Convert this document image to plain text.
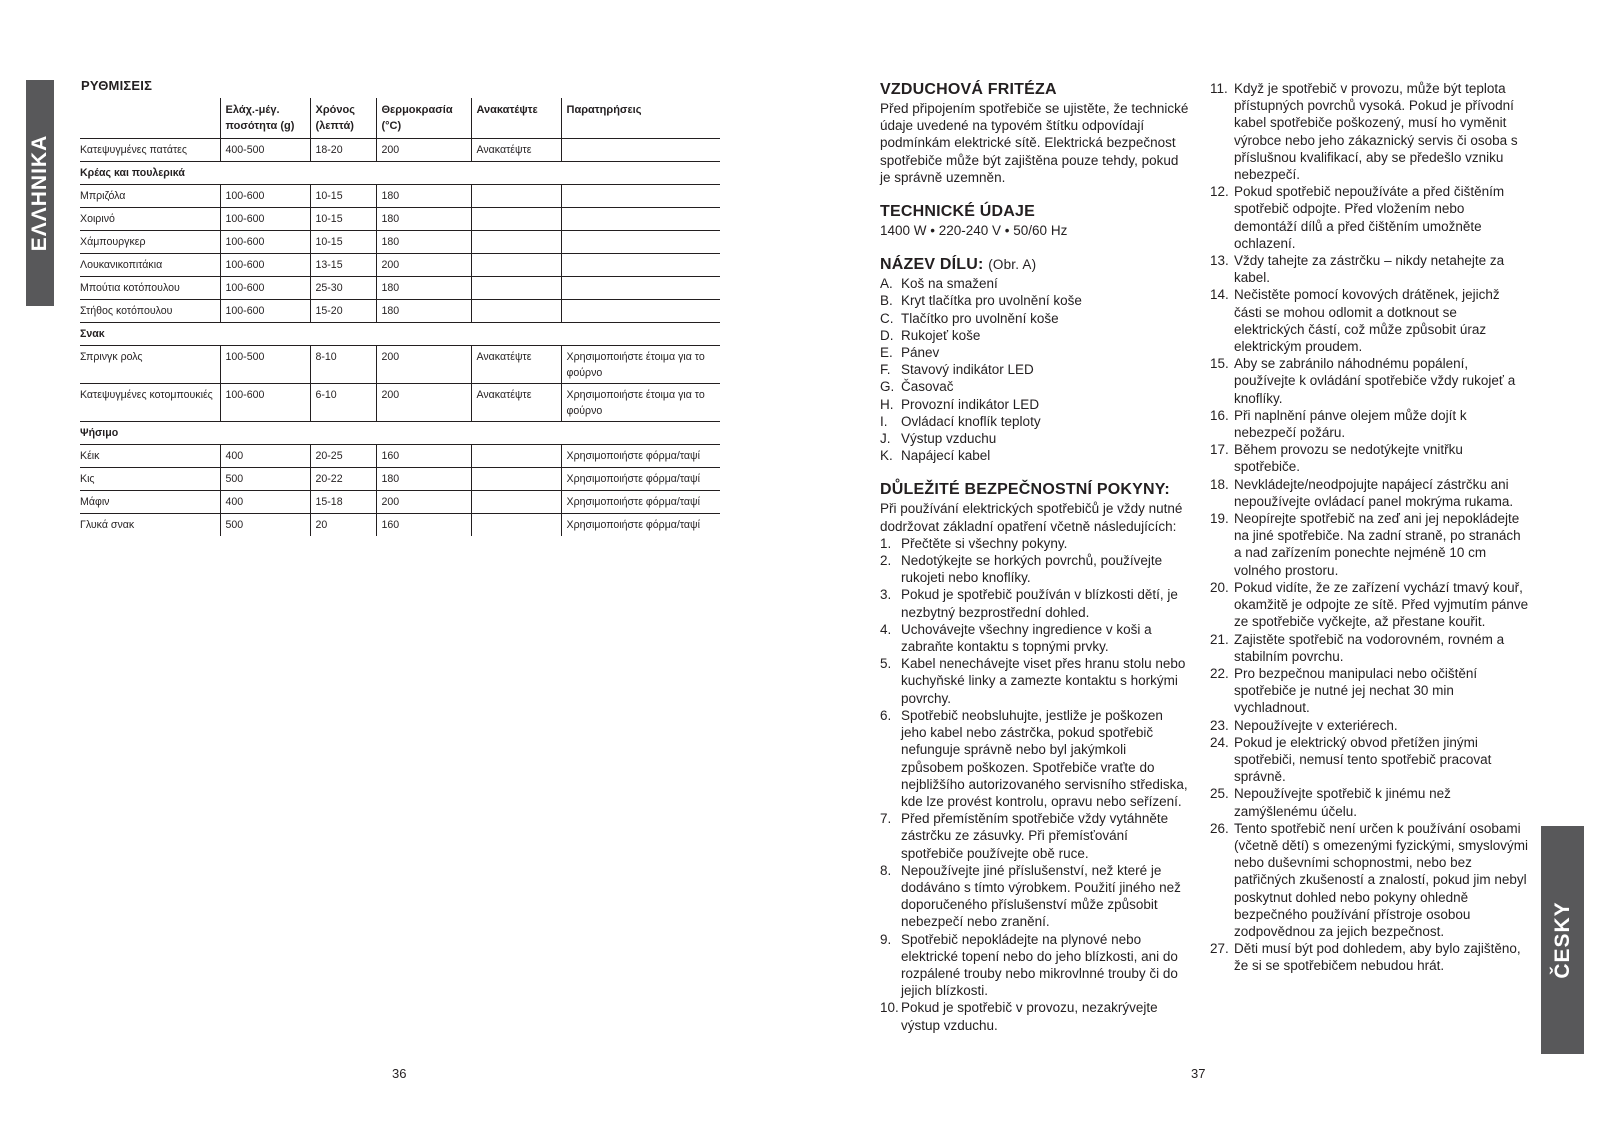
ΕΛΛΗΝΙΚΑ
ΡΥΘΜΙΣΕΙΣ
	Ελάχ.-μέγ. ποσότητα (g)	Χρόνος (λεπτά)	Θερμοκρασία (°C)	Ανακατέψτε	Παρατηρήσεις
Κατεψυγμένες πατάτες	400-500	18-20	200	Ανακατέψτε	
Κρέας και πουλερικά					
Μπριζόλα	100-600	10-15	180		
Χοιρινό	100-600	10-15	180		
Χάμπουργκερ	100-600	10-15	180		
Λουκανικοπιτάκια	100-600	13-15	200		
Μπούτια κοτόπουλου	100-600	25-30	180		
Στήθος κοτόπουλου	100-600	15-20	180		
Σνακ					
Σπρινγκ ρολς	100-500	8-10	200	Ανακατέψτε	Χρησιμοποιήστε έτοιμα για το φούρνο
Κατεψυγμένες κοτομπουκιές	100-600	6-10	200	Ανακατέψτε	Χρησιμοποιήστε έτοιμα για το φούρνο
Ψήσιμο					
Κέικ	400	20-25	160		Χρησιμοποιήστε φόρμα/ταψί
Κις	500	20-22	180		Χρησιμοποιήστε φόρμα/ταψί
Μάφιν	400	15-18	200		Χρησιμοποιήστε φόρμα/ταψί
Γλυκά σνακ	500	20	160		Χρησιμοποιήστε φόρμα/ταψί
VZDUCHOVÁ FRITÉZA

Před připojením spotřebiče se ujistěte, že technické údaje uvedené na typovém štítku odpovídají podmínkám elektrické sítě. Elektrická bezpečnost spotřebiče může být zajištěna pouze tehdy, pokud je správně uzemněn.

TECHNICKÉ ÚDAJE

1400 W • 220-240 V • 50/60 Hz

NÁZEV DÍLU: (Obr. A)
A. Koš na smažení
B. Kryt tlačítka pro uvolnění koše
C. Tlačítko pro uvolnění koše
D. Rukojeť koše
E. Pánev
F. Stavový indikátor LED
G. Časovač
H. Provozní indikátor LED
I. Ovládací knoflík teploty
J. Výstup vzduchu
K. Napájecí kabel
DŮLEŽITÉ BEZPEČNOSTNÍ POKYNY:

Při používání elektrických spotřebičů je vždy nutné dodržovat základní opatření včetně následujících:

1. Přečtěte si všechny pokyny.
2. Nedotýkejte se horkých povrchů, používejte rukojeti nebo knoflíky.
3. Pokud je spotřebič používán v blízkosti dětí, je nezbytný bezprostřední dohled.
4. Uchovávejte všechny ingredience v koši a zabraňte kontaktu s topnými prvky.
5. Kabel nenechávejte viset přes hranu stolu nebo kuchyňské linky a zamezte kontaktu s horkými povrchy.
6. Spotřebič neobsluhujte, jestliže je poškozen jeho kabel nebo zástrčka, pokud spotřebič nefunguje správně nebo byl jakýmkoli způsobem poškozen. Spotřebiče vraťte do nejbližšího autorizovaného servisního střediska, kde lze provést kontrolu, opravu nebo seřízení.
7. Před přemístěním spotřebiče vždy vytáhněte zástrčku ze zásuvky. Při přemísťování spotřebiče používejte obě ruce.
8. Nepoužívejte jiné příslušenství, než které je dodáváno s tímto výrobkem. Použití jiného než doporučeného příslušenství může způsobit nebezpečí nebo zranění.
9. Spotřebič nepokládejte na plynové nebo elektrické topení nebo do jeho blízkosti, ani do rozpálené trouby nebo mikrovlnné trouby či do jejich blízkosti.
10. Pokud je spotřebič v provozu, nezakrývejte výstup vzduchu.
11. Když je spotřebič v provozu, může být teplota přístupných povrchů vysoká. Pokud je přívodní kabel spotřebiče poškozený, musí ho vyměnit výrobce nebo jeho zákaznický servis či osoba s příslušnou kvalifikací, aby se předešlo vzniku nebezpečí.
12. Pokud spotřebič nepoužíváte a před čištěním spotřebič odpojte. Před vložením nebo demontáží dílů a před čištěním umožněte ochlazení.
13. Vždy tahejte za zástrčku – nikdy netahejte za kabel.
14. Nečistěte pomocí kovových drátěnek, jejichž části se mohou odlomit a dotknout se elektrických částí, což může způsobit úraz elektrickým proudem.
15. Aby se zabránilo náhodnému popálení, používejte k ovládání spotřebiče vždy rukojeť a knoflíky.
16. Při naplnění pánve olejem může dojít k nebezpečí požáru.
17. Během provozu se nedotýkejte vnitřku spotřebiče.
18. Nevkládejte/neodpojujte napájecí zástrčku ani nepoužívejte ovládací panel mokrýma rukama.
19. Neopírejte spotřebič na zeď ani jej nepokládejte na jiné spotřebiče. Na zadní straně, po stranách a nad zařízením ponechte nejméně 10 cm volného prostoru.
20. Pokud vidíte, že ze zařízení vychází tmavý kouř, okamžitě je odpojte ze sítě. Před vyjmutím pánve ze spotřebiče vyčkejte, až přestane kouřit.
21. Zajistěte spotřebič na vodorovném, rovném a stabilním povrchu.
22. Pro bezpečnou manipulaci nebo očištění spotřebiče je nutné jej nechat 30 min vychladnout.
23. Nepoužívejte v exteriérech.
24. Pokud je elektrický obvod přetížen jinými spotřebiči, nemusí tento spotřebič pracovat správně.
25. Nepoužívejte spotřebič k jinému než zamýšlenému účelu.
26. Tento spotřebič není určen k používání osobami (včetně dětí) s omezenými fyzickými, smyslovými nebo duševními schopnostmi, nebo bez patřičných zkušeností a znalostí, pokud jim nebyl poskytnut dohled nebo pokyny ohledně bezpečného používání přístroje osobou zodpovědnou za jejich bezpečnost.
27. Děti musí být pod dohledem, aby bylo zajištěno, že si se spotřebičem nebudou hrát.	ČESKY
36	37
